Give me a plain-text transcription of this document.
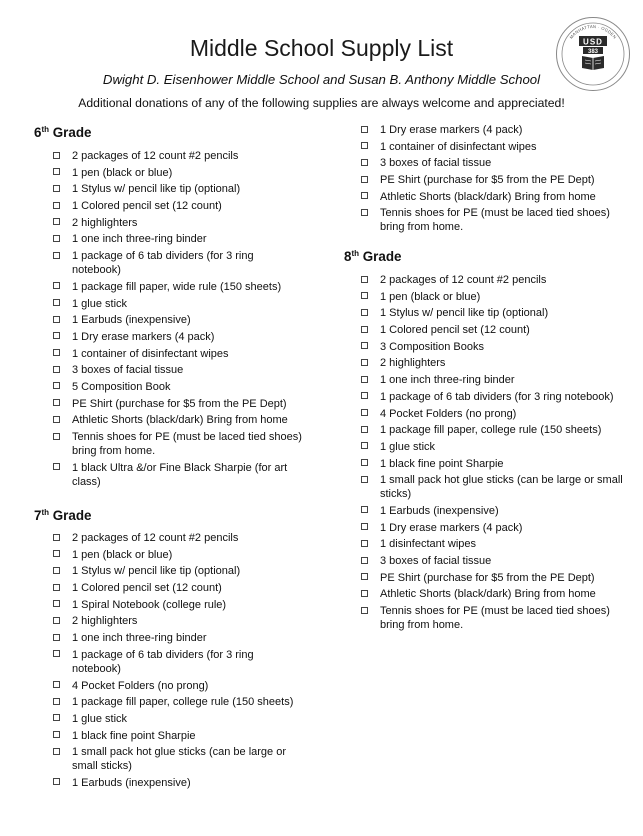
Middle School Supply List
Dwight D. Eisenhower Middle School and Susan B. Anthony Middle School
Additional donations of any of the following supplies are always welcome and appreciated!
MANHATTAN · OGDEN
USD
383
6th Grade
2 packages of 12 count #2 pencils
1 pen (black or blue)
1 Stylus w/ pencil like tip (optional)
1 Colored pencil set (12 count)
2 highlighters
1 one inch three-ring binder
1 package of 6 tab dividers (for 3 ring notebook)
1 package fill paper, wide rule (150 sheets)
1 glue stick
1 Earbuds (inexpensive)
1 Dry erase markers (4 pack)
1 container of disinfectant wipes
3 boxes of facial tissue
5 Composition Book
PE Shirt (purchase for $5 from the PE Dept)
Athletic Shorts (black/dark) Bring from home
Tennis shoes for PE (must be laced tied shoes) bring from home.
1 black Ultra &/or Fine Black Sharpie (for art class)
7th Grade
2 packages of 12 count #2 pencils
1 pen (black or blue)
1 Stylus w/ pencil like tip (optional)
1 Colored pencil set (12 count)
1 Spiral Notebook (college rule)
2 highlighters
1 one inch three-ring binder
1 package of 6 tab dividers (for 3 ring notebook)
4 Pocket Folders (no prong)
1 package fill paper, college rule (150 sheets)
1 glue stick
1 black fine point Sharpie
1 small pack hot glue sticks (can be large or small sticks)
1 Earbuds (inexpensive)
1 Dry erase markers (4 pack)
1 container of disinfectant wipes
3 boxes of facial tissue
PE Shirt (purchase for $5 from the PE Dept)
Athletic Shorts (black/dark) Bring from home
Tennis shoes for PE (must be laced tied shoes) bring from home.
8th Grade
2 packages of 12 count #2 pencils
1 pen (black or blue)
1 Stylus w/ pencil like tip (optional)
1 Colored pencil set (12 count)
3 Composition Books
2 highlighters
1 one inch three-ring binder
1 package of 6 tab dividers (for 3 ring notebook)
4 Pocket Folders (no prong)
1 package fill paper, college rule (150 sheets)
1 glue stick
1 black fine point Sharpie
1 small pack hot glue sticks (can be large or small sticks)
1 Earbuds (inexpensive)
1 Dry erase markers (4 pack)
1 disinfectant wipes
3 boxes of facial tissue
PE Shirt (purchase for $5 from the PE Dept)
Athletic Shorts (black/dark) Bring from home
Tennis shoes for PE (must be laced tied shoes) bring from home.
